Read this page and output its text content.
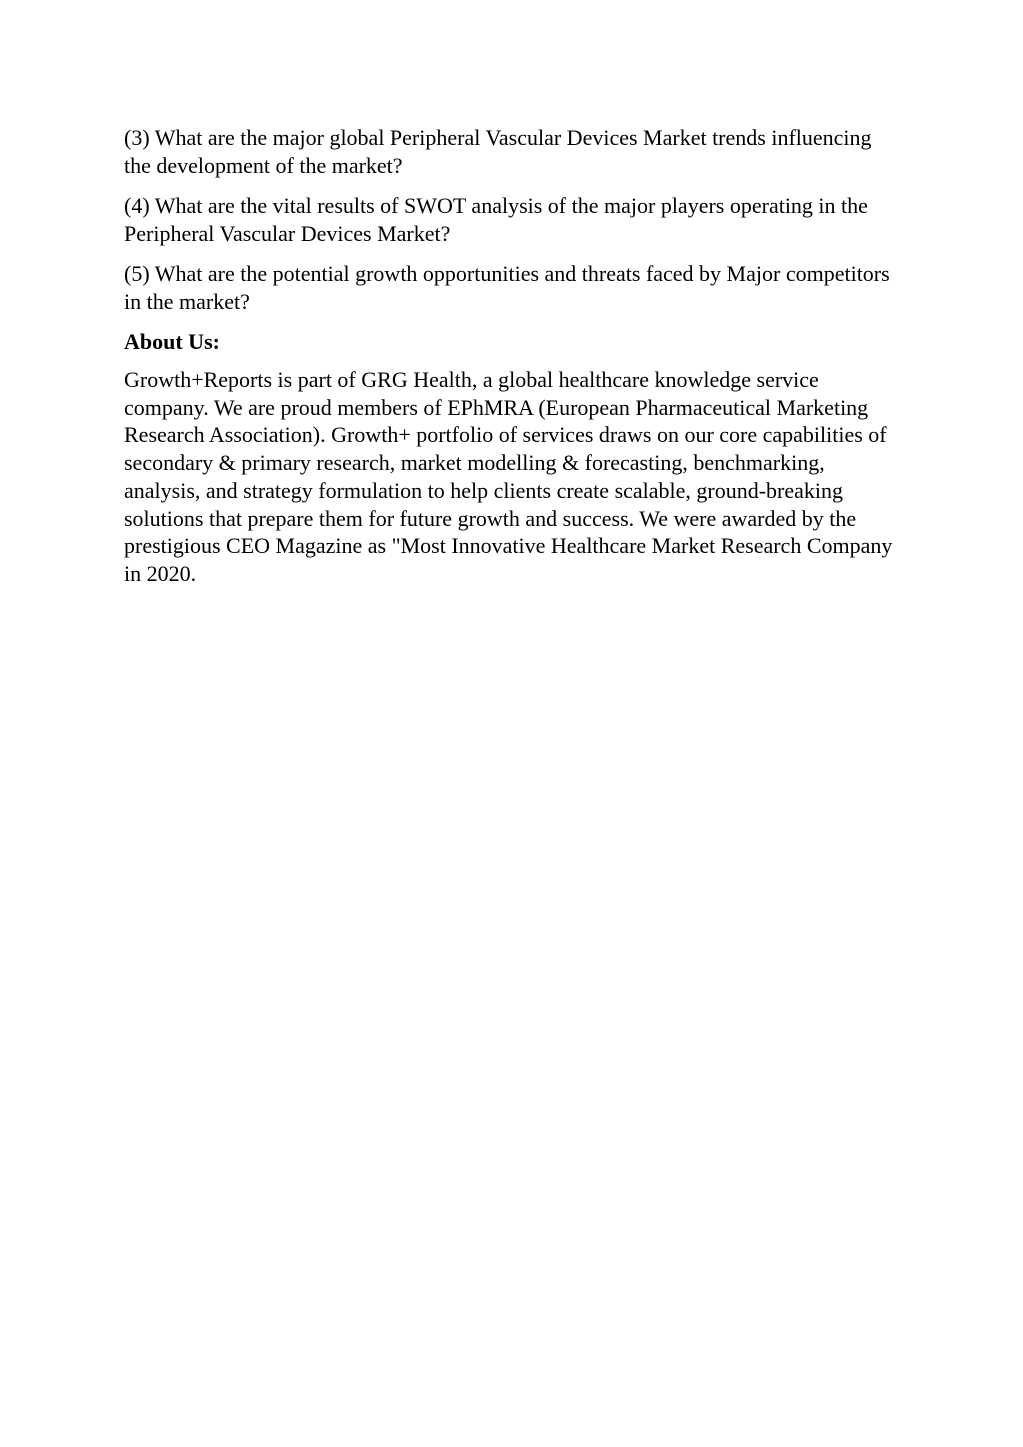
(3) What are the major global Peripheral Vascular Devices Market trends influencing the development of the market?

(4) What are the vital results of SWOT analysis of the major players operating in the Peripheral Vascular Devices Market?

(5) What are the potential growth opportunities and threats faced by Major competitors in the market?

About Us:

Growth+Reports is part of GRG Health, a global healthcare knowledge service company. We are proud members of EPhMRA (European Pharmaceutical Marketing Research Association). Growth+ portfolio of services draws on our core capabilities of secondary & primary research, market modelling & forecasting, benchmarking, analysis, and strategy formulation to help clients create scalable, ground-breaking solutions that prepare them for future growth and success. We were awarded by the prestigious CEO Magazine as "Most Innovative Healthcare Market Research Company in 2020.
